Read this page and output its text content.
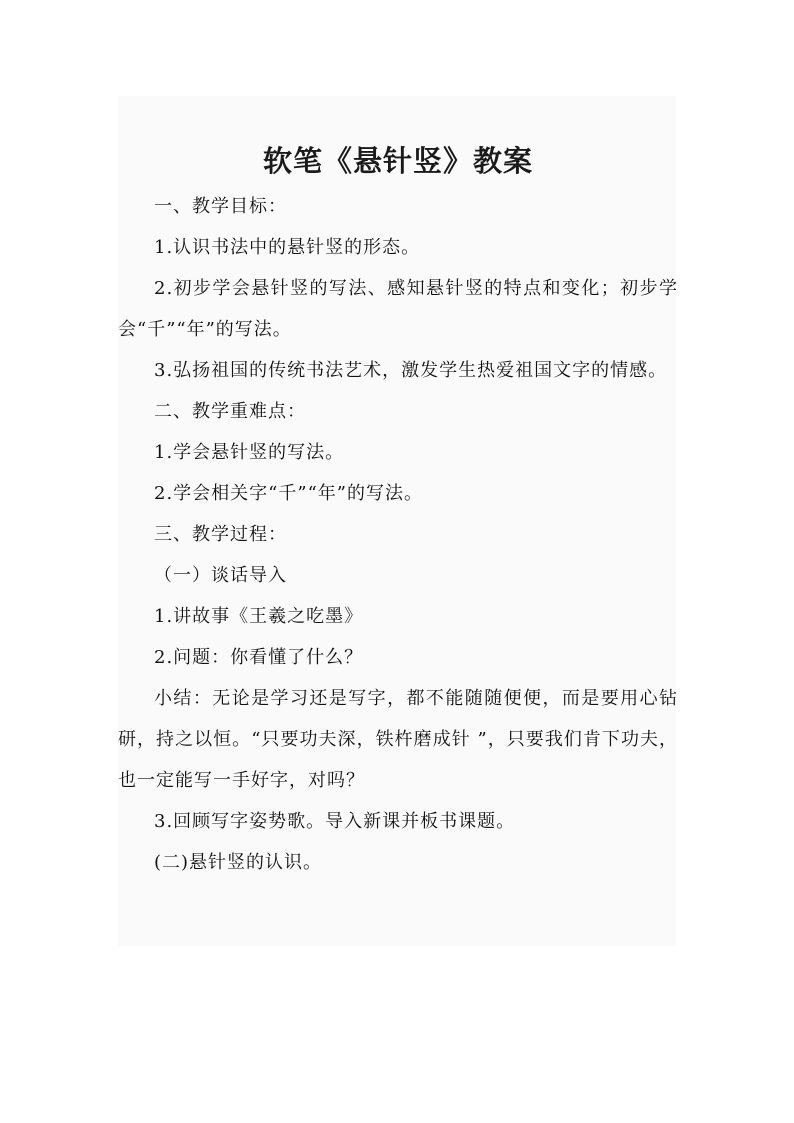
软笔《悬针竖》教案

一、教学目标：

1.认识书法中的悬针竖的形态。

2.初步学会悬针竖的写法、感知悬针竖的特点和变化；初步学会“千”“年”的写法。

3.弘扬祖国的传统书法艺术，激发学生热爱祖国文字的情感。

二、教学重难点：

1.学会悬针竖的写法。

2.学会相关字“千”“年”的写法。

三、教学过程：

（一）谈话导入

1.讲故事《王羲之吃墨》

2.问题：你看懂了什么？

小结：无论是学习还是写字，都不能随随便便，而是要用心钻研，持之以恒。“只要功夫深，铁杵磨成针 ”，只要我们肯下功夫，也一定能写一手好字，对吗？

3.回顾写字姿势歌。导入新课并板书课题。

(二)悬针竖的认识。
